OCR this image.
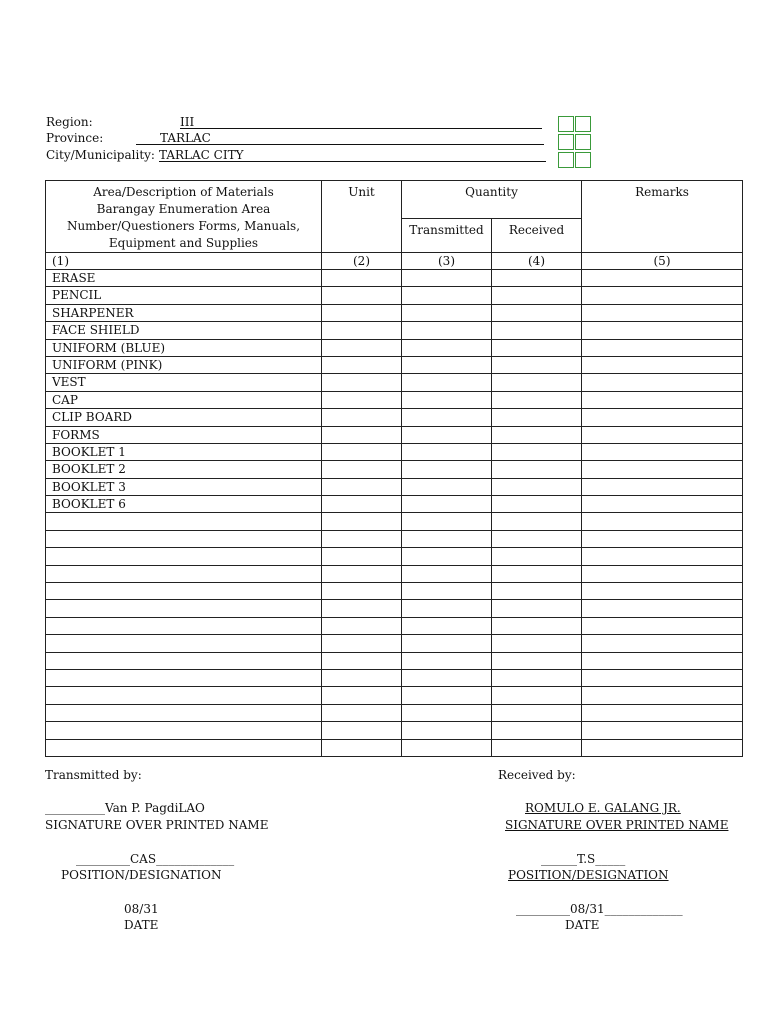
Region:	III
Province:	TARLAC
City/Municipality: TARLAC CITY
Area/Description of Materials
Barangay Enumeration Area
Number/Questioners Forms, Manuals,
Equipment and Supplies	Unit	Quantity		Remarks
		Transmitted	Received	
(1)	(2)	(3)	(4)	(5)
ERASE				
PENCIL				
SHARPENER				
FACE SHIELD				
UNIFORM (BLUE)				
UNIFORM (PINK)				
VEST				
CAP				
CLIP BOARD				
FORMS				
BOOKLET 1				
BOOKLET 2				
BOOKLET 3				
BOOKLET 6				

Transmitted by:
__________Van P. PagdiLAO
SIGNATURE OVER PRINTED NAME
_________CAS_____________
POSITION/DESIGNATION
08/31
DATE
Received by:
ROMULO E. GALANG JR.
SIGNATURE OVER PRINTED NAME
______T.S_____
POSITION/DESIGNATION
_________08/31_____________
DATE
